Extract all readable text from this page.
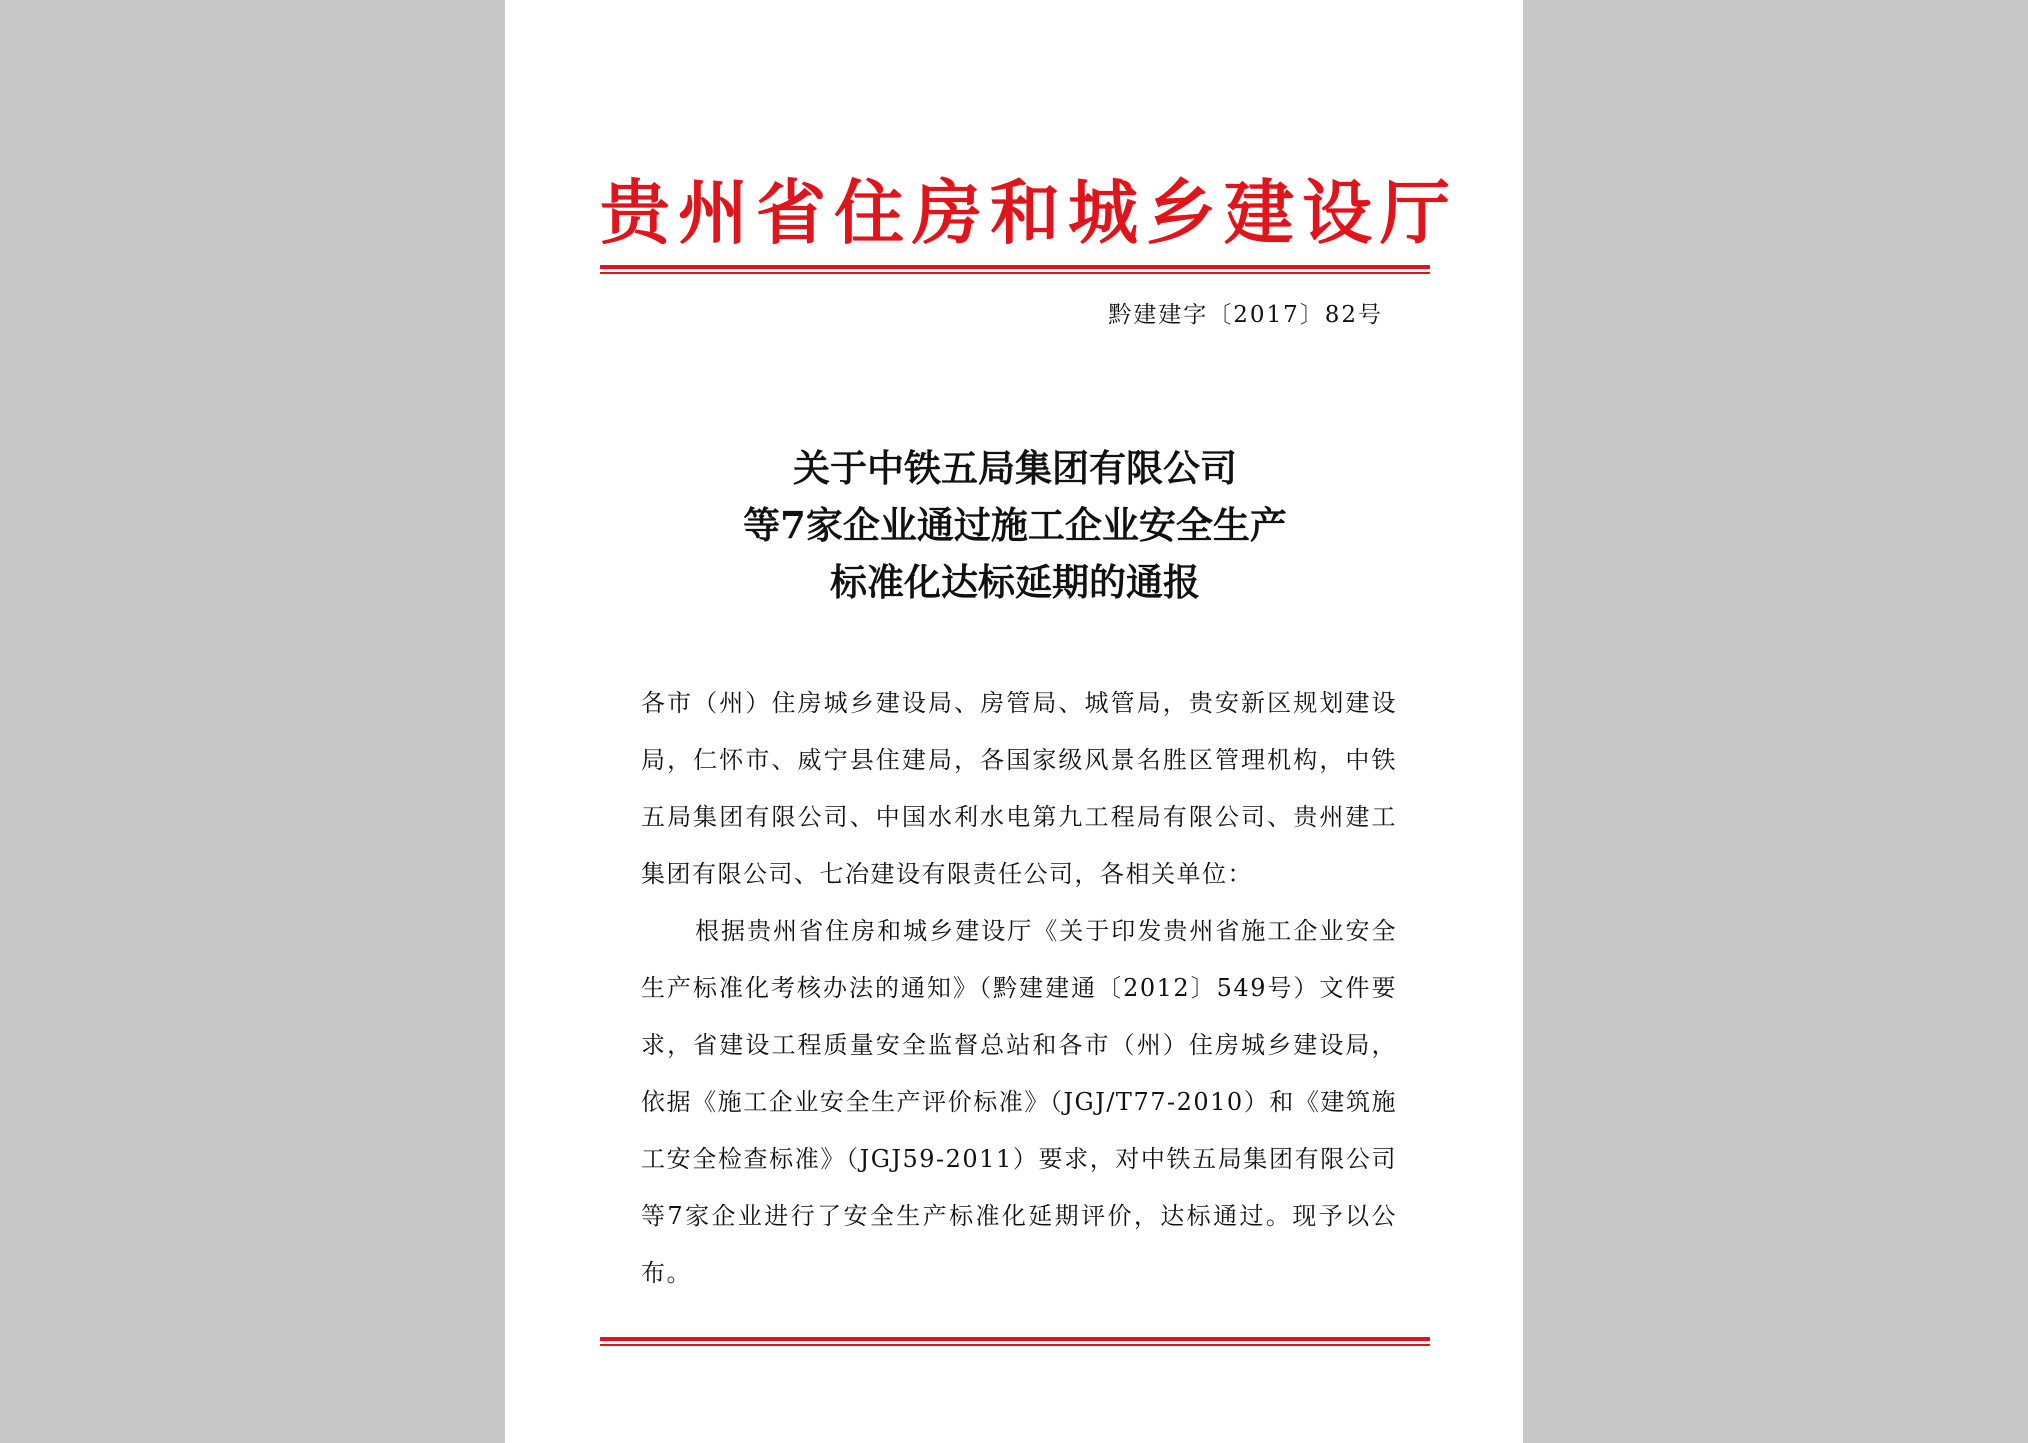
贵州省住房和城乡建设厅
黔建建字〔2017〕82号
关于中铁五局集团有限公司
等7家企业通过施工企业安全生产
标准化达标延期的通报

各市（州）住房城乡建设局、房管局、城管局，贵安新区规划建设局，仁怀市、威宁县住建局，各国家级风景名胜区管理机构，中铁五局集团有限公司、中国水利水电第九工程局有限公司、贵州建工集团有限公司、七冶建设有限责任公司，各相关单位：

根据贵州省住房和城乡建设厅《关于印发贵州省施工企业安全生产标准化考核办法的通知》（黔建建通〔2012〕549号）文件要求，省建设工程质量安全监督总站和各市（州）住房城乡建设局，依据《施工企业安全生产评价标准》（JGJ/T77-2010）和《建筑施工安全检查标准》（JGJ59-2011）要求，对中铁五局集团有限公司等7家企业进行了安全生产标准化延期评价，达标通过。现予以公布。
